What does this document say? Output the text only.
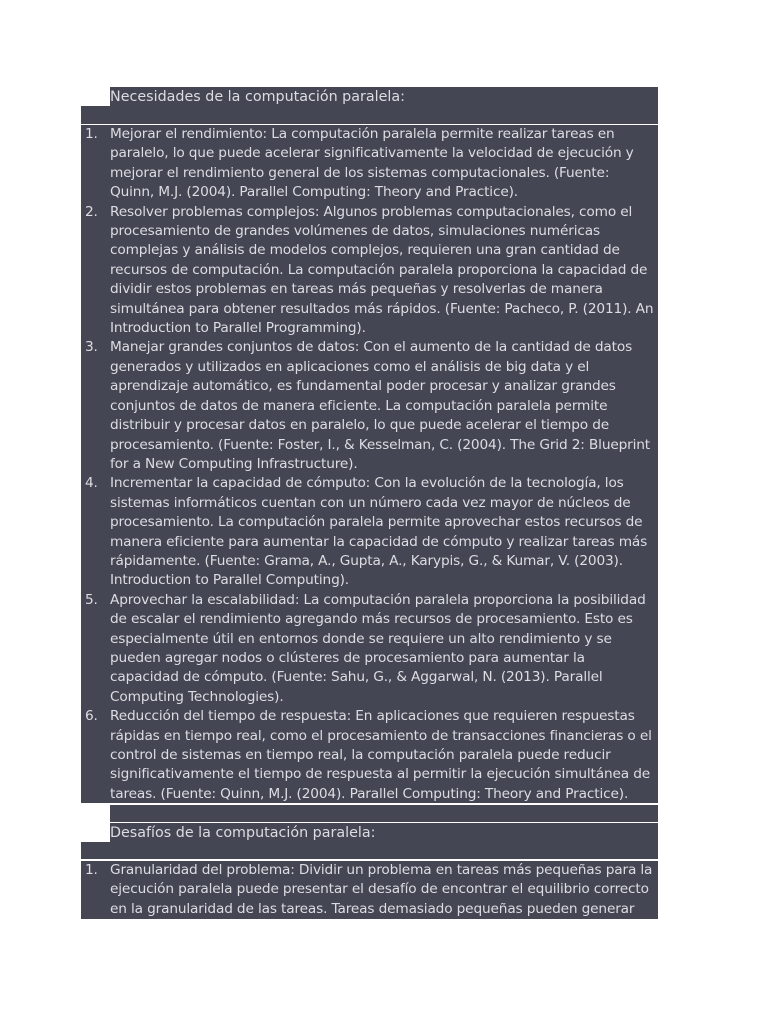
Necesidades de la computación paralela:
1. Mejorar el rendimiento: La computación paralela permite realizar tareas en paralelo, lo que puede acelerar significativamente la velocidad de ejecución y mejorar el rendimiento general de los sistemas computacionales. (Fuente: Quinn, M.J. (2004). Parallel Computing: Theory and Practice).
2. Resolver problemas complejos: Algunos problemas computacionales, como el procesamiento de grandes volúmenes de datos, simulaciones numéricas complejas y análisis de modelos complejos, requieren una gran cantidad de recursos de computación. La computación paralela proporciona la capacidad de dividir estos problemas en tareas más pequeñas y resolverlas de manera simultánea para obtener resultados más rápidos. (Fuente: Pacheco, P. (2011). An Introduction to Parallel Programming).
3. Manejar grandes conjuntos de datos: Con el aumento de la cantidad de datos generados y utilizados en aplicaciones como el análisis de big data y el aprendizaje automático, es fundamental poder procesar y analizar grandes conjuntos de datos de manera eficiente. La computación paralela permite distribuir y procesar datos en paralelo, lo que puede acelerar el tiempo de procesamiento. (Fuente: Foster, I., & Kesselman, C. (2004). The Grid 2: Blueprint for a New Computing Infrastructure).
4. Incrementar la capacidad de cómputo: Con la evolución de la tecnología, los sistemas informáticos cuentan con un número cada vez mayor de núcleos de procesamiento. La computación paralela permite aprovechar estos recursos de manera eficiente para aumentar la capacidad de cómputo y realizar tareas más rápidamente. (Fuente: Grama, A., Gupta, A., Karypis, G., & Kumar, V. (2003). Introduction to Parallel Computing).
5. Aprovechar la escalabilidad: La computación paralela proporciona la posibilidad de escalar el rendimiento agregando más recursos de procesamiento. Esto es especialmente útil en entornos donde se requiere un alto rendimiento y se pueden agregar nodos o clústeres de procesamiento para aumentar la capacidad de cómputo. (Fuente: Sahu, G., & Aggarwal, N. (2013). Parallel Computing Technologies).
6. Reducción del tiempo de respuesta: En aplicaciones que requieren respuestas rápidas en tiempo real, como el procesamiento de transacciones financieras o el control de sistemas en tiempo real, la computación paralela puede reducir significativamente el tiempo de respuesta al permitir la ejecución simultánea de tareas. (Fuente: Quinn, M.J. (2004). Parallel Computing: Theory and Practice).
Desafíos de la computación paralela:
1. Granularidad del problema: Dividir un problema en tareas más pequeñas para la ejecución paralela puede presentar el desafío de encontrar el equilibrio correcto en la granularidad de las tareas. Tareas demasiado pequeñas pueden generar
